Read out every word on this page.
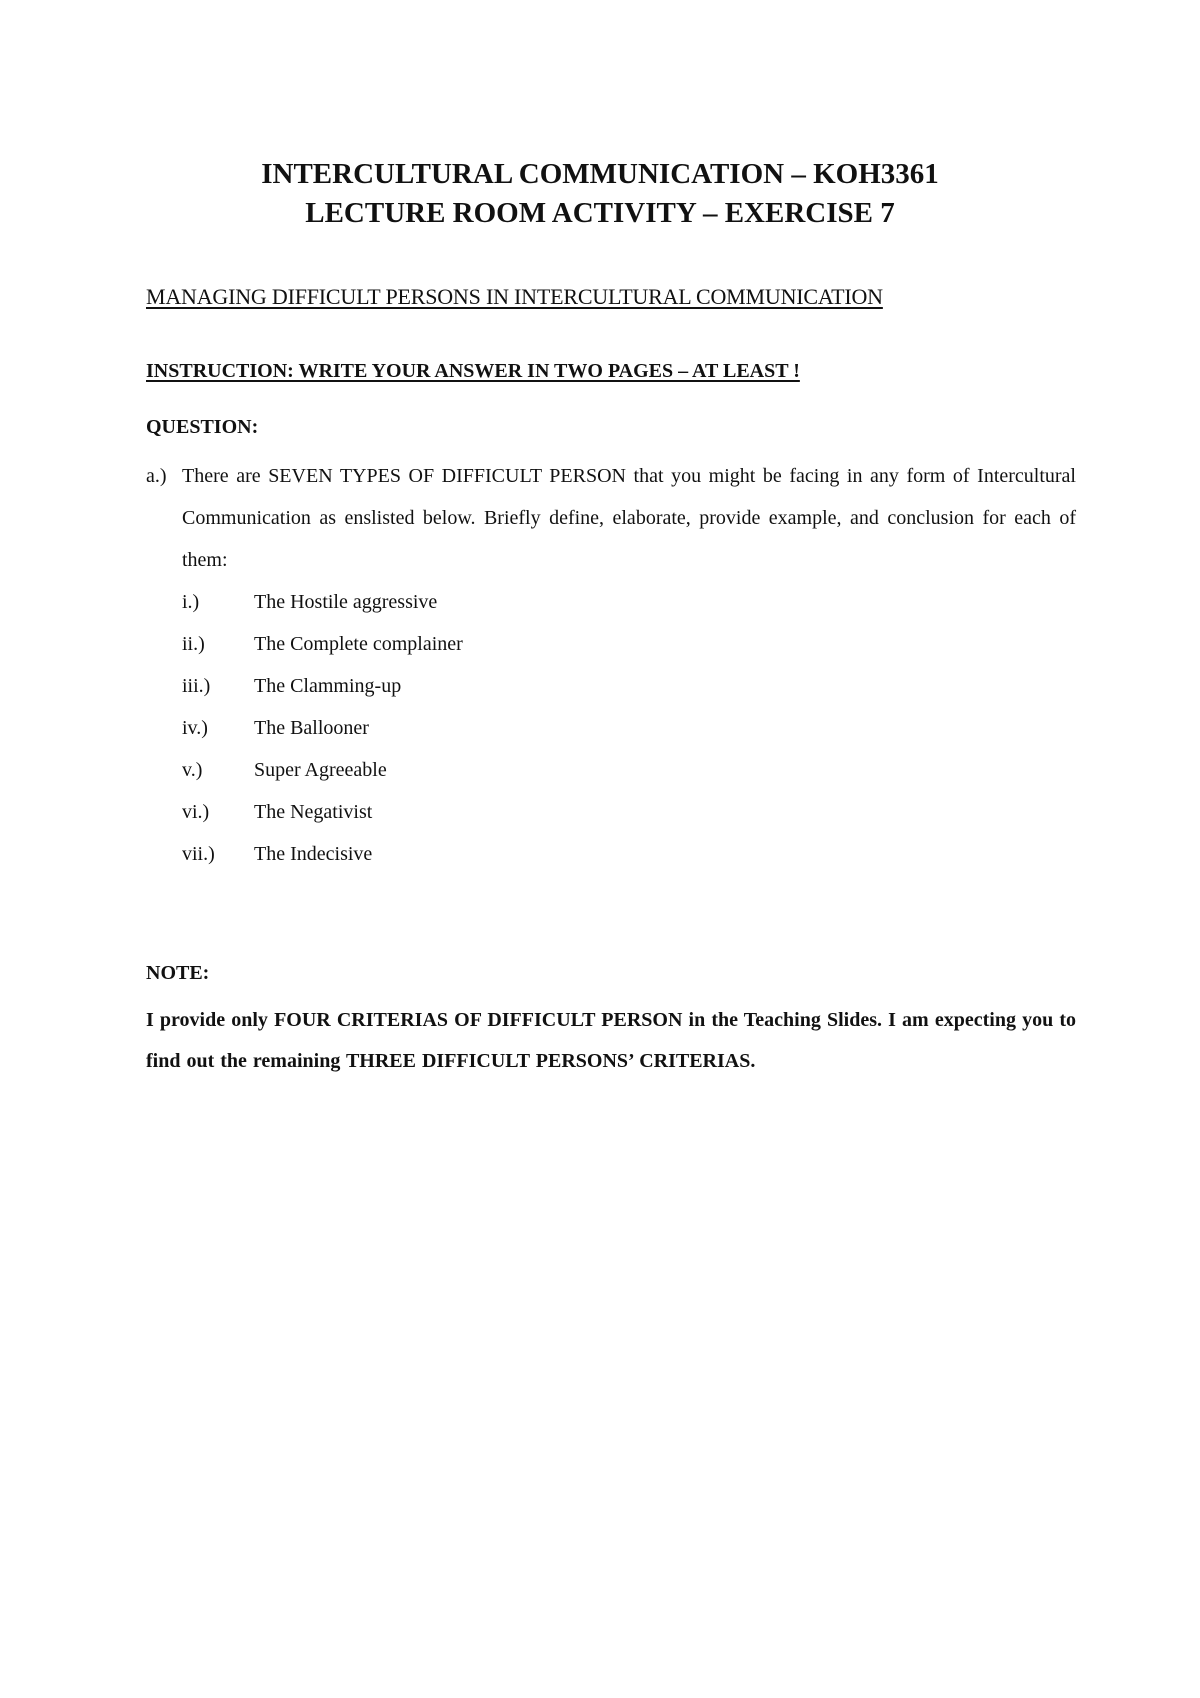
INTERCULTURAL COMMUNICATION – KOH3361
LECTURE ROOM ACTIVITY – EXERCISE 7
MANAGING DIFFICULT PERSONS IN INTERCULTURAL COMMUNICATION
INSTRUCTION: WRITE YOUR ANSWER IN TWO PAGES – AT LEAST !
QUESTION:
a.) There are SEVEN TYPES OF DIFFICULT PERSON that you might be facing in any form of Intercultural Communication as enslisted below. Briefly define, elaborate, provide example, and conclusion for each of them:
i.)	The Hostile aggressive
ii.)	The Complete complainer
iii.)	The Clamming-up
iv.)	The Ballooner
v.)	Super Agreeable
vi.)	The Negativist
vii.)	The Indecisive
NOTE:
I provide only FOUR CRITERIAS OF DIFFICULT PERSON in the Teaching Slides. I am expecting you to find out the remaining THREE DIFFICULT PERSONS’ CRITERIAS.
